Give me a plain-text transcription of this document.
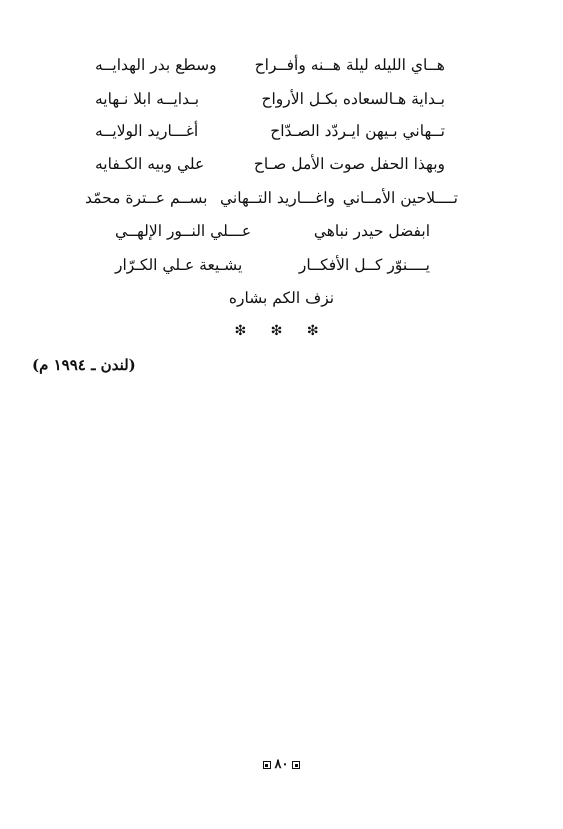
هــاي الليله ليلة هــنه وأفــراح
وسطع بدر الهدايــه
بـداية هـالسعاده بكـل الأرواح
بـدايــه ابلا نـهايه
تــهاني بـيهن ايـردّد الصـدّاح
أغـــاريد الولايــه
وبهذا الحفل صوت الأمل صـاح
علي وبيه الكـفايه
تــــلاحين الأمــاني
واغـــاريد التــهاني
بســم عــترة محمّد
ابفضل حيدر نباهي
عـــلي النــور الإلهــي
يــــنوّر كــل الأفكــار
يشـيعة عـلي الكـرّار
نزف الكم بشاره
❇ ❇ ❇
(لندن ـ ١٩٩٤ م)
٨٠
